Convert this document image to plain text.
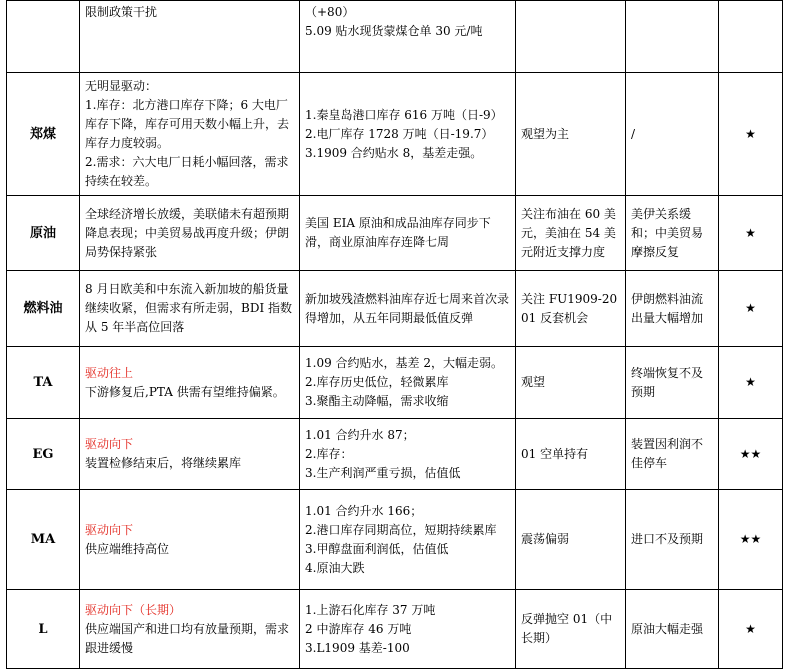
	限制政策干扰	（+80）
5.09 贴水现货蒙煤仓单 30 元/吨			

郑煤	无明显驱动：
1.库存：北方港口库存下降；6 大电厂库存下降，库存可用天数小幅上升，去库存力度较弱。
2.需求：六大电厂日耗小幅回落，需求持续在较差。	1.秦皇岛港口库存 616 万吨（日-9）
2.电厂库存 1728 万吨（日-19.7）
3.1909 合约贴水 8，基差走强。	观望为主	/	★
原油	全球经济增长放缓，美联储未有超预期降息表现；中美贸易战再度升级；伊朗局势保持紧张	美国 EIA 原油和成品油库存同步下滑，商业原油库存连降七周	关注布油在 60 美元，美油在 54 美元附近支撑力度	美伊关系缓和；中美贸易摩擦反复	★
燃料油	8 月日欧美和中东流入新加坡的船货量继续收紧，但需求有所走弱，BDI 指数从 5 年半高位回落	新加坡残渣燃料油库存近七周来首次录得增加，从五年同期最低值反弹	关注 FU1909-2001 反套机会	伊朗燃料油流出量大幅增加	★
TA	驱动往上
下游修复后,PTA 供需有望维持偏紧。	1.09 合约贴水，基差 2，大幅走弱。
2.库存历史低位，轻微累库
3.聚酯主动降幅，需求收缩	观望	终端恢复不及预期	★
EG	驱动向下
装置检修结束后，将继续累库	1.01 合约升水 87；
2.库存：
3.生产利润严重亏损，估值低	01 空单持有	装置因利润不佳停车	★★
MA	驱动向下
供应端维持高位	1.01 合约升水 166；
2.港口库存同期高位，短期持续累库
3.甲醇盘面利润低，估值低
4.原油大跌	震荡偏弱	进口不及预期	★★
L	驱动向下（长期）
供应端国产和进口均有放量预期，需求跟进缓慢	1.上游石化库存 37 万吨
2 中游库存 46 万吨
3.L1909 基差-100	反弹抛空 01（中长期）	原油大幅走强	★
